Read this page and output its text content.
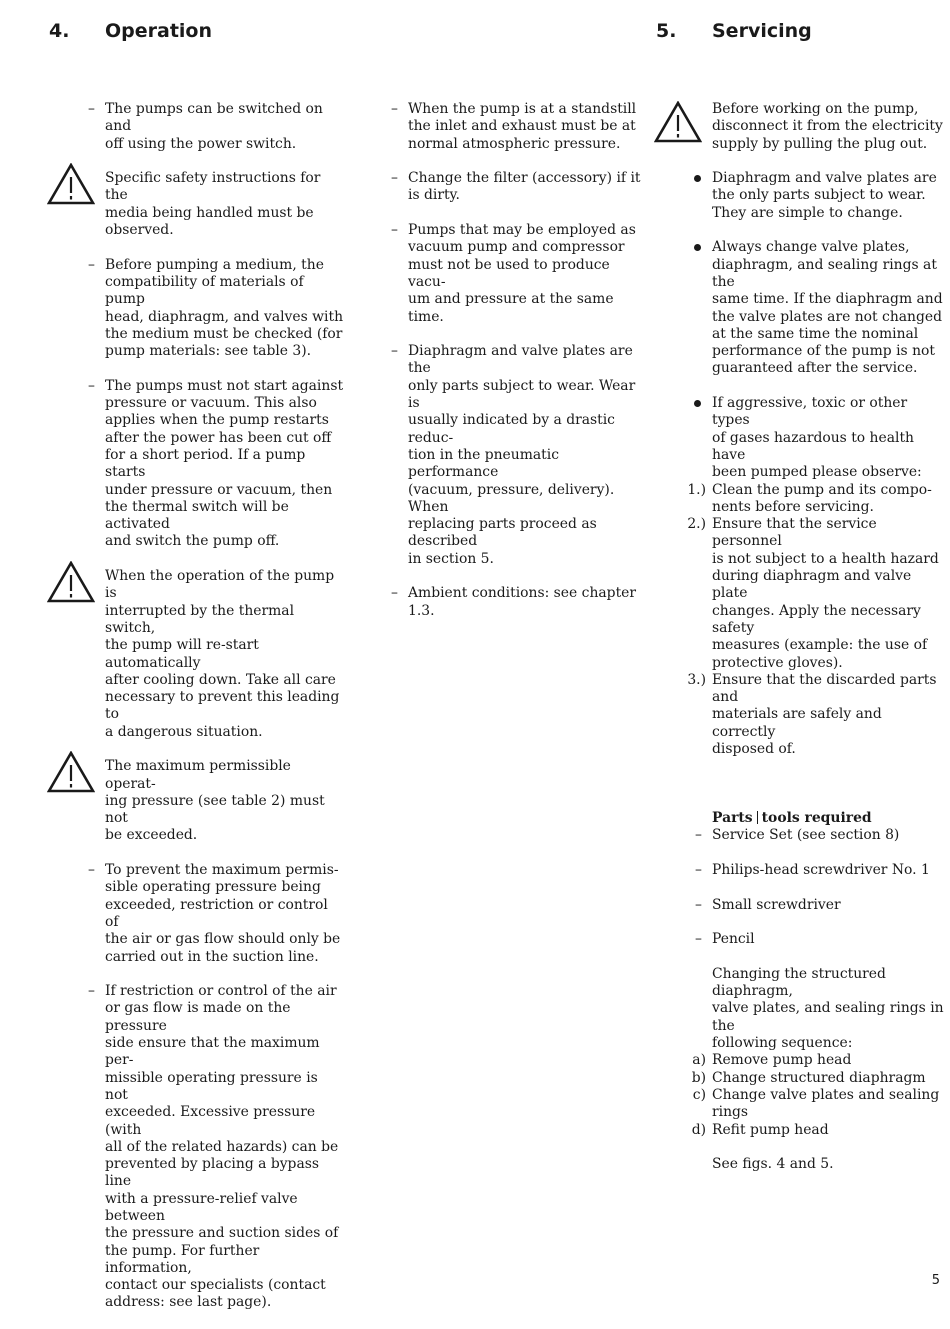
4. Operation	5. Servicing
– The pumps can be switched on and
off using the power switch.
Specific safety instructions for the
media being handled must be
observed.
– Before pumping a medium, the
compatibility of materials of pump
head, diaphragm, and valves with
the medium must be checked (for
pump materials: see table 3).
– The pumps must not start against
pressure or vacuum. This also
applies when the pump restarts
after the power has been cut off
for a short period. If a pump starts
under pressure or vacuum, then
the thermal switch will be activated
and switch the pump off.
When the operation of the pump is
interrupted by the thermal switch,
the pump will re-start automatically
after cooling down. Take all care
necessary to prevent this leading to
a dangerous situation.
The maximum permissible operat-
ing pressure (see table 2) must not
be exceeded.
– To prevent the maximum permis-
sible operating pressure being
exceeded, restriction or control of
the air or gas flow should only be
carried out in the suction line.
– If restriction or control of the air
or gas flow is made on the pressure
side ensure that the maximum per-
missible operating pressure is not
exceeded. Excessive pressure (with
all of the related hazards) can be
prevented by placing a bypass line
with a pressure-relief valve between
the pressure and suction sides of
the pump. For further information,
contact our specialists (contact
address: see last page).
– When the pump is at a standstill
the inlet and exhaust must be at
normal atmospheric pressure.
– Change the filter (accessory) if it
is dirty.
– Pumps that may be employed as
vacuum pump and compressor
must not be used to produce vacu-
um and pressure at the same time.
– Diaphragm and valve plates are the
only parts subject to wear. Wear is
usually indicated by a drastic reduc-
tion in the pneumatic performance
(vacuum, pressure, delivery). When
replacing parts proceed as described
in section 5.
– Ambient conditions: see chapter
1.3.
Before working on the pump,
disconnect it from the electricity
supply by pulling the plug out.
Diaphragm and valve plates are
the only parts subject to wear.
They are simple to change.
Always change valve plates,
diaphragm, and sealing rings at the
same time. If the diaphragm and
the valve plates are not changed
at the same time the nominal
performance of the pump is not
guaranteed after the service.
If aggressive, toxic or other types
of gases hazardous to health have
been pumped please observe:
1.) Clean the pump and its compo-
nents before servicing.
2.) Ensure that the service personnel
is not subject to a health hazard
during diaphragm and valve plate
changes. Apply the necessary safety
measures (example: the use of
protective gloves).
3.) Ensure that the discarded parts and
materials are safely and correctly
disposed of.

Parts tools required

– Service Set (see section 8)
– Philips-head screwdriver No. 1
– Small screwdriver
– Pencil
Changing the structured diaphragm,
valve plates, and sealing rings in the
following sequence:
a) Remove pump head
b) Change structured diaphragm
c) Change valve plates and sealing
rings
d) Refit pump head
See figs. 4 and 5.
5
